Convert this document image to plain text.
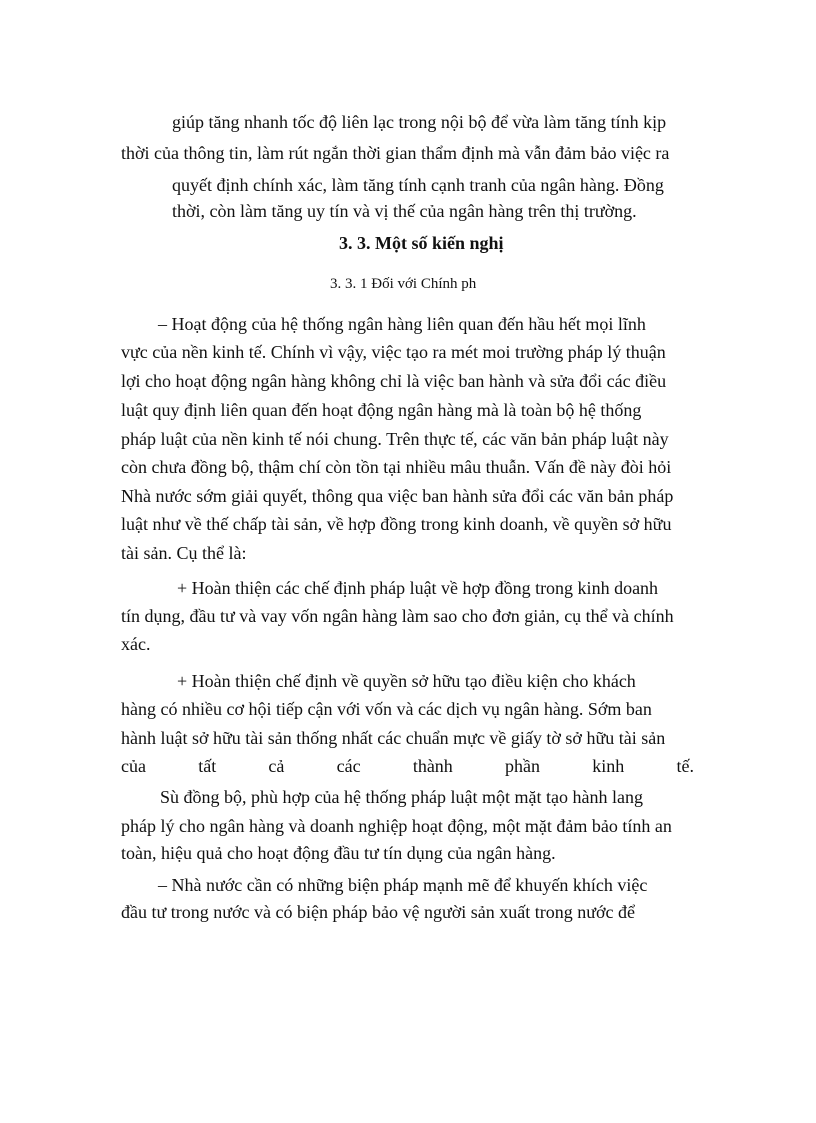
giúp tăng nhanh tốc độ liên lạc trong nội bộ để vừa làm tăng tính kịp
thời của thông tin, làm rút ngắn thời gian thẩm định mà vẫn đảm bảo việc ra
quyết định chính xác, làm tăng tính cạnh tranh của ngân hàng. Đồng
thời, còn làm tăng uy tín và vị thế của ngân hàng trên thị trường.
3. 3. Một số kiến nghị
3. 3. 1 Đối với Chính ph
– Hoạt động của hệ thống ngân hàng liên quan đến hầu hết mọi lĩnh
vực của nền kinh tế. Chính vì vậy, việc tạo ra mét moi trường pháp lý thuận
lợi cho hoạt động ngân hàng không chỉ là việc ban hành và sửa đổi các điều
luật quy định liên quan đến hoạt động ngân hàng mà là toàn bộ hệ thống
pháp luật của nền kinh tế nói chung. Trên thực tế, các văn bản pháp luật này
còn chưa đồng bộ, thậm chí còn tồn tại nhiều mâu thuẫn. Vấn đề này đòi hỏi
Nhà nước sớm giải quyết, thông qua việc ban hành sửa đổi các văn bản pháp
luật như về thế chấp tài sản, về hợp đồng trong kinh doanh, về quyền sở hữu
tài sản. Cụ thể là:
+ Hoàn thiện các chế định pháp luật về hợp đồng trong kinh doanh
tín dụng, đầu tư và vay vốn ngân hàng làm sao cho đơn giản, cụ thể và chính
xác.
+ Hoàn thiện chế định về quyền sở hữu tạo điều kiện cho khách
hàng có nhiều cơ hội tiếp cận với vốn và các dịch vụ ngân hàng. Sớm ban
hành luật sở hữu tài sản thống nhất các chuẩn mực về giấy tờ sở hữu tài sản
của	tất	cả	các	thành	phần	kinh	tế.
Sù đồng bộ, phù hợp của hệ thống pháp luật một mặt tạo hành lang
pháp lý cho ngân hàng và doanh nghiệp hoạt động, một mặt đảm bảo tính an
toàn, hiệu quả cho hoạt động đầu tư tín dụng của ngân hàng.
– Nhà nước cần có những biện pháp mạnh mẽ để khuyến khích việc
đầu tư trong nước và có biện pháp bảo vệ người sản xuất trong nước để
